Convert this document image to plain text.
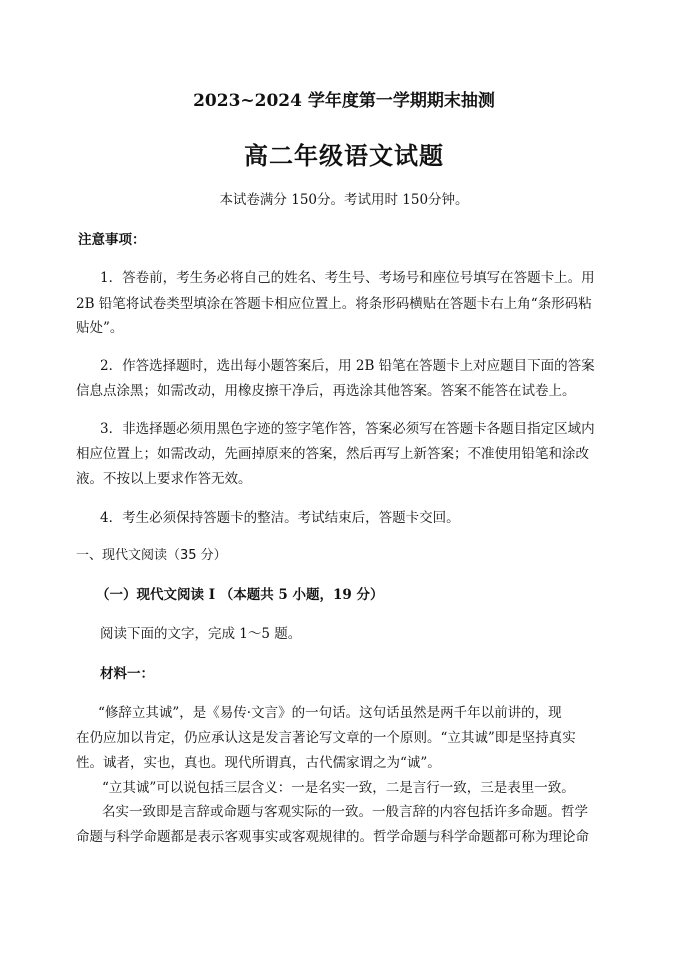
2023~2024 学年度第一学期期末抽测
高二年级语文试题
本试卷满分 150分。考试用时 150分钟。
注意事项：
1．答卷前，考生务必将自己的姓名、考生号、考场号和座位号填写在答题卡上。用
2B 铅笔将试卷类型填涂在答题卡相应位置上。将条形码横贴在答题卡右上角“条形码粘
贴处”。
2．作答选择题时，选出每小题答案后，用 2B 铅笔在答题卡上对应题目下面的答案
信息点涂黑；如需改动，用橡皮擦干净后，再选涂其他答案。答案不能答在试卷上。
3．非选择题必须用黑色字迹的签字笔作答，答案必须写在答题卡各题目指定区域内
相应位置上；如需改动，先画掉原来的答案，然后再写上新答案；不准使用铅笔和涂改
液。不按以上要求作答无效。
4．考生必须保持答题卡的整洁。考试结束后，答题卡交回。
一、现代文阅读（35 分）
（一）现代文阅读 I （本题共 5 小题，19 分）
阅读下面的文字，完成 1～5 题。
材料一：
“修辞立其诚”，是《易传·文言》的一句话。这句话虽然是两千年以前讲的，现
在仍应加以肯定，仍应承认这是发言著论写文章的一个原则。“立其诚”即是坚持真实
性。诚者，实也，真也。现代所谓真，古代儒家谓之为“诚”。
“立其诚”可以说包括三层含义：一是名实一致，二是言行一致，三是表里一致。
名实一致即是言辞或命题与客观实际的一致。一般言辞的内容包括许多命题。哲学
命题与科学命题都是表示客观事实或客观规律的。哲学命题与科学命题都可称为理论命
